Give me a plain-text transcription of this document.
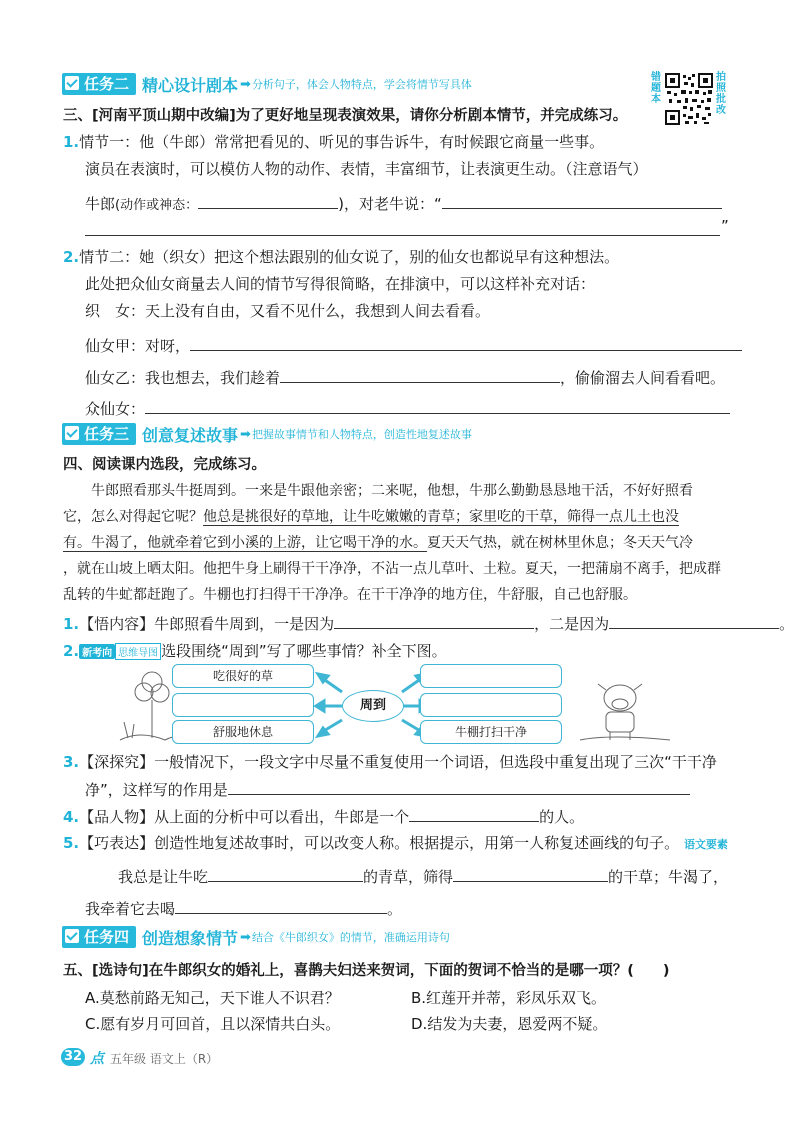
任务二 精心设计剧本 ➡ 分析句子，体会人物特点，学会将情节写具体
错题本
拍照批改
三、[河南平顶山期中改编]为了更好地呈现表演效果，请你分析剧本情节，并完成练习。
1.情节一：他（牛郎）常常把看见的、听见的事告诉牛，有时候跟它商量一些事。
演员在表演时，可以模仿人物的动作、表情，丰富细节，让表演更生动。（注意语气）
牛郎(动作或神态：	)，对老牛说：“
”
2.情节二：她（织女）把这个想法跟别的仙女说了，别的仙女也都说早有这种想法。
此处把众仙女商量去人间的情节写得很简略，在排演中，可以这样补充对话：
织　女：天上没有自由，又看不见什么，我想到人间去看看。
仙女甲：对呀，
仙女乙：我也想去，我们趁着	，偷偷溜去人间看看吧。
众仙女：
任务三 创意复述故事 ➡ 把握故事情节和人物特点，创造性地复述故事
四、阅读课内选段，完成练习。
牛郎照看那头牛挺周到。一来是牛跟他亲密；二来呢，他想，牛那么勤勤恳恳地干活，不好好照看
它，怎么对得起它呢？他总是挑很好的草地，让牛吃嫩嫩的青草；家里吃的干草，筛得一点儿土也没
有。牛渴了，他就牵着它到小溪的上游，让它喝干净的水。夏天天气热，就在树林里休息；冬天天气冷
，就在山坡上晒太阳。他把牛身上刷得干干净净，不沾一点儿草叶、土粒。夏天，一把蒲扇不离手，把成群
乱转的牛虻都赶跑了。牛棚也打扫得干干净净。在干干净净的地方住，牛舒服，自己也舒服。
1.【悟内容】牛郎照看牛周到，一是因为	，二是因为	。
2. 新考向 思维导图 选段围绕“周到”写了哪些事情？补全下图。
周到
吃很好的草
舒服地休息	牛棚打扫干净
3.【深探究】一般情况下，一段文字中尽量不重复使用一个词语，但选段中重复出现了三次“干干净
净”，这样写的作用是
4.【品人物】从上面的分析中可以看出，牛郎是一个	的人。
5.【巧表达】创造性地复述故事时，可以改变人称。根据提示，用第一人称复述画线的句子。 语文要素
我总是让牛吃	的青草，筛得	的干草；牛渴了，
我牵着它去喝	。
任务四 创造想象情节 ➡ 结合《牛郎织女》的情节，准确运用诗句
五、[选诗句]在牛郎织女的婚礼上，喜鹊夫妇送来贺词，下面的贺词不恰当的是哪一项？(　　)
A.莫愁前路无知己，天下谁人不识君？	B.红莲开并蒂，彩凤乐双飞。
C.愿有岁月可回首，且以深情共白头。	D.结发为夫妻，恩爱两不疑。
32 点 五年级 语文上（R）
